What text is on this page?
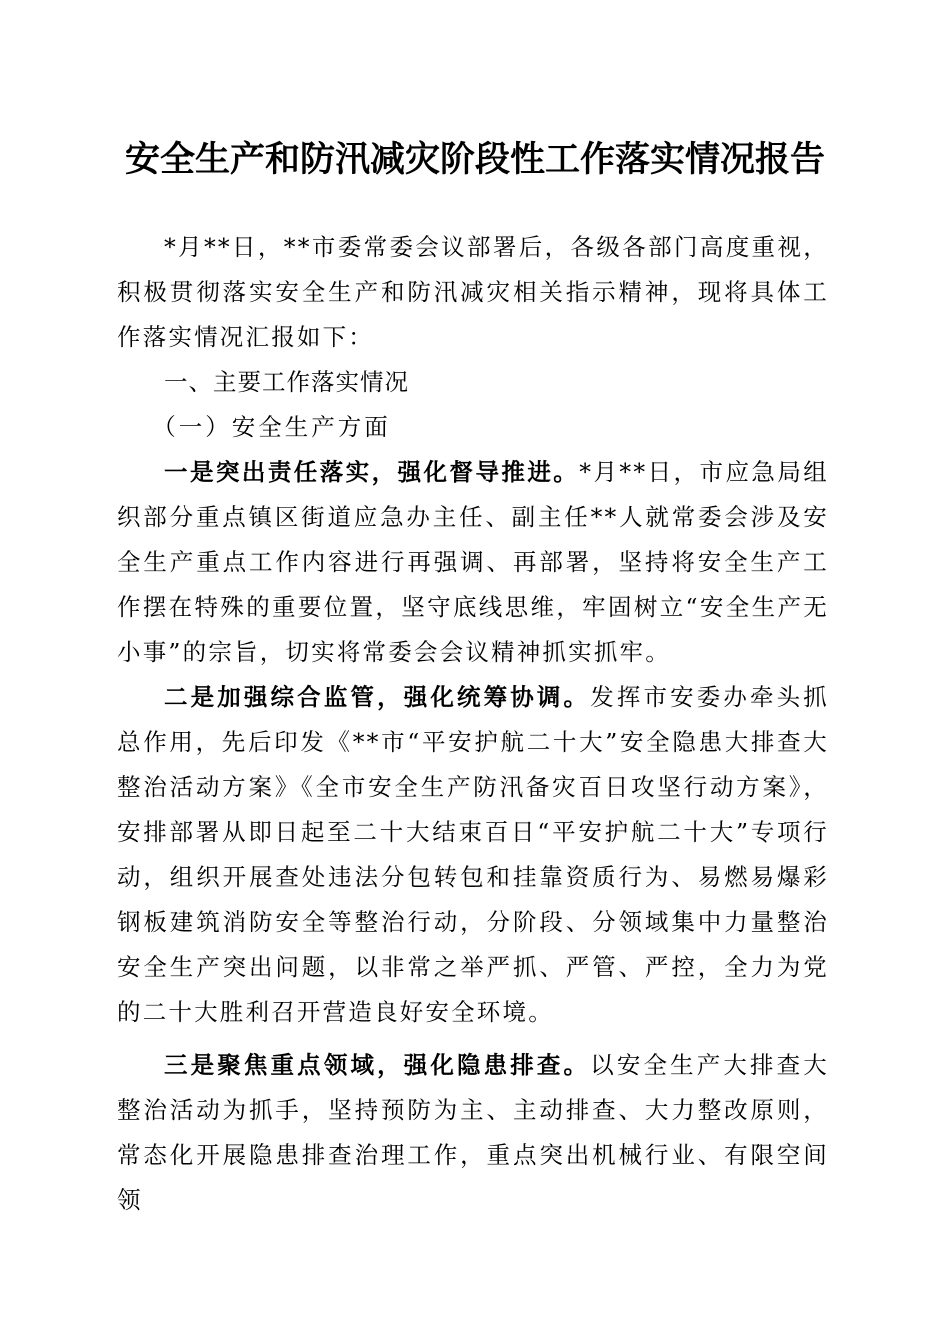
安全生产和防汛减灾阶段性工作落实情况报告

*月**日，**市委常委会议部署后，各级各部门高度重视，积极贯彻落实安全生产和防汛减灾相关指示精神，现将具体工作落实情况汇报如下：

一、主要工作落实情况

（一）安全生产方面

一是突出责任落实，强化督导推进。*月**日，市应急局组织部分重点镇区街道应急办主任、副主任**人就常委会涉及安全生产重点工作内容进行再强调、再部署，坚持将安全生产工作摆在特殊的重要位置，坚守底线思维，牢固树立“安全生产无小事”的宗旨，切实将常委会会议精神抓实抓牢。

二是加强综合监管，强化统筹协调。发挥市安委办牵头抓总作用，先后印发《**市“平安护航二十大”安全隐患大排查大整治活动方案》《全市安全生产防汛备灾百日攻坚行动方案》，安排部署从即日起至二十大结束百日“平安护航二十大”专项行动，组织开展查处违法分包转包和挂靠资质行为、易燃易爆彩钢板建筑消防安全等整治行动，分阶段、分领域集中力量整治安全生产突出问题，以非常之举严抓、严管、严控，全力为党的二十大胜利召开营造良好安全环境。

三是聚焦重点领域，强化隐患排查。以安全生产大排查大整治活动为抓手，坚持预防为主、主动排查、大力整改原则，常态化开展隐患排查治理工作，重点突出机械行业、有限空间领
